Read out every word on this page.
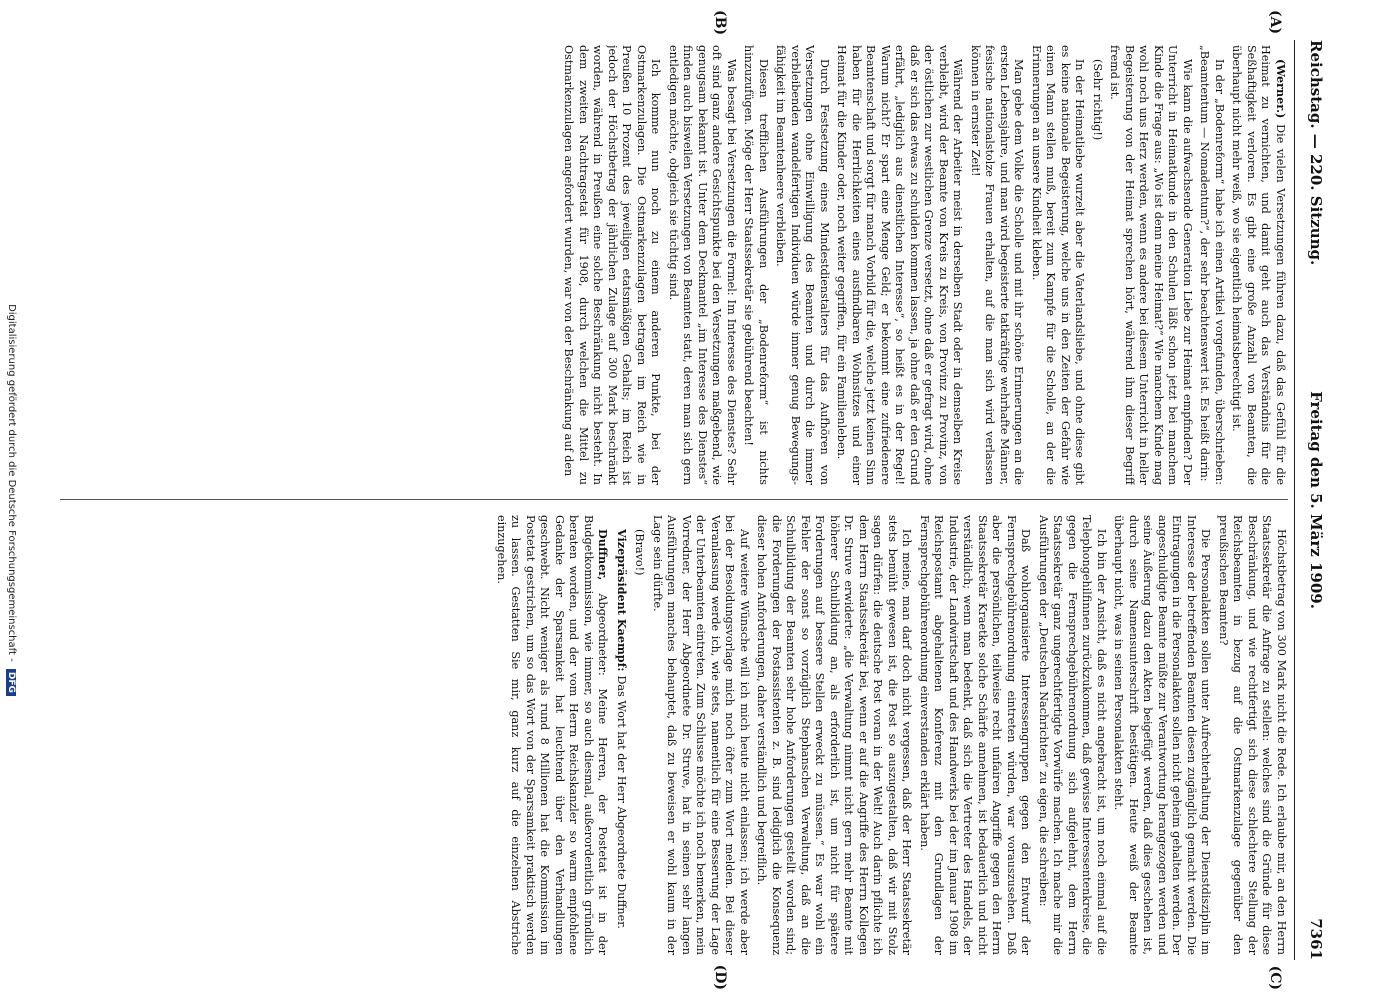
(A)
(B)
(C)
(D)
Reichstag. — 220. Sitzung.
Freitag den 5. März 1909.
7361

(Werner.) Die vielen Versetzungen führen dazu, daß das Gefühl für die Heimat zu vernichten, und damit geht auch das Verständnis für die Seßhaftigkeit verloren. Es gibt eine große Anzahl von Beamten, die überhaupt nicht mehr weiß, wo sie eigentlich heimatsberechtigt ist.

In der „Bodenreform“ habe ich einen Artikel vorgefunden, überschrieben: „Beamtentum — Nomadentum?“, der sehr beachtenswert ist. Es heißt darin:

Wie kann die aufwachsende Generation Liebe zur Heimat empfinden? Der Unterricht in Heimatkunde in den Schulen läßt schon jetzt bei manchem Kinde die Frage aus: „Wo ist denn meine Heimat?“ Wie manchem Kinde mag wohl noch uns Herz werden, wenn es andere bei diesem Unterricht in heller Begeisterung von der Heimat sprechen hört, während ihm dieser Begriff fremd ist.

(Sehr richtig!)

In der Heimatliebe wurzelt aber die Vaterlandsliebe, und ohne diese gibt es keine nationale Begeisterung, welche uns in den Zeiten der Gefahr wie einen Mann stellen muß, bereit zum Kampfe für die Scholle, an der die Erinnerungen an unsere Kindheit kleben.

Man gebe dem Volke die Scholle und mit ihr schöne Erinnerungen an die ersten Lebensjahre, und man wird begeisterte tatkräftige wehrhafte Männer, fesische nationalstolze Frauen erhalten, auf die man sich wird verlassen können in ernster Zeit!

Während der Arbeiter meist in derselben Stadt oder in demselben Kreise verbleibt, wird der Beamte von Kreis zu Kreis, von Provinz zu Provinz, von der östlichen zur westlichen Grenze versetzt, ohne daß er gefragt wird, ohne daß er sich das etwas zu schulden kommen lassen, ja ohne daß er den Grund erfährt, „lediglich aus dienstlichen Interesse“, so heißt es in der Regel! Warum nicht? Er spart eine Menge Geld; er bekommt eine zufriedenere Beamtenschaft und sorgt für manch Vorbild für die, welche jetzt keinen Sinn haben für die Herrlichkeiten eines ausfindbaren Wohnsitzes und einer Heimat für die Kinder oder, noch weiter gegriffen, für ein Familienleben.

Durch Festsetzung eines Mindestdienstalters für das Aufhören von Versetzungen ohne Einwilligung des Beamten und durch die immer verbleibenden wandelfertigen Individuen würde immer genug Bewegungs-fähigkeit im Beamtenheere verbleiben.

Diesen trefflichen Ausführungen der „Bodenreform“ ist nichts hinzuzufügen. Möge der Herr Staatssekretär sie gebührend beachten!

Was besagt bei Versetzungen die Formel: Im Interesse des Dienstes? Sehr oft sind ganz andere Gesichtspunkte bei den Versetzungen maßgebend, wie genugsam bekannt ist. Unter dem Deckmantel „im Interesse des Dienstes“ finden auch bisweilen Versetzungen von Beamten statt, deren man sich gern entledigen möchte, obgleich sie tüchtig sind.

Ich komme nun noch zu einem anderen Punkte, bei der Ostmarkenzulagen. Die Ostmarkenzulagen betragen im Reich wie in Preußen 10 Prozent des jeweiligen etatsmäßigen Gehalts; im Reich ist jedoch der Höchstbetrag der jährlichen Zulage auf 300 Mark beschränkt worden, während in Preußen eine solche Beschränkung nicht besteht. In dem zweiten Nachtragsetat für 1908, durch welchen die Mittel zu Ostmarkenzulagen angefordert wurden, war von der Beschränkung auf den

Höchstbetrag von 300 Mark nicht die Rede. Ich erlaube mir, an den Herrn Staatssekretär die Anfrage zu stellen: welches sind die Gründe für diese Beschränkung, und wie rechtfertigt sich diese schlechtere Stellung der Reichsbeamten in bezug auf die Ostmarkenzulage gegenüber den preußischen Beamten?

Die Personalakten sollen unter Aufrechterhaltung der Dienstdisziplin im Interesse der betreffenden Beamten diesen zugänglich gemacht werden. Die Eintragungen in die Personalakten sollen nicht geheim gehalten werden. Der angeschuldigte Beamte müßte zur Verantwortung herangezogen werden und seine Äußerung dazu den Akten beigefügt werden, daß dies geschehen ist, durch seine Namensunterschrift bestätigen. Heute weiß der Beamte überhaupt nicht, was in seinen Personalakten steht.

Ich bin der Ansicht, daß es nicht angebracht ist, um noch einmal auf die Telephongehilfinnen zurückzukommen, daß gewisse Interessentenkreise, die gegen die Fernsprechgebührenordnung sich aufgelehnt, dem Herrn Staatssekretär ganz ungerechtfertigte Vorwürfe machen. Ich mache mir die Ausführungen der „Deutschen Nachrichten“ zu eigen, die schreiben:

Daß wohlorganisierte Interessengruppen gegen den Entwurf der Fernsprechgebührenordnung eintreten würden, war vorauszusehen. Daß aber die persönlichen, teilweise recht unfairen Angriffe gegen den Herrn Staatssekretär Kraetke solche Schärfe annehmen, ist bedauerlich und nicht verständlich; wenn man bedenkt, daß sich die Vertreter des Handels, der Industrie, der Landwirtschaft und des Handwerks bei der im Januar 1908 im Reichspostamt abgehaltenen Konferenz mit den Grundlagen der Fernsprechgebührenordnung einverstanden erklärt haben.

Ich meine, man darf doch nicht vergessen, daß der Herr Staatssekretär stets bemüht gewesen ist, die Post so auszugestalten, daß wir mit Stolz sagen dürfen: die deutsche Post voran in der Welt! Auch darin pflichte ich dem Herrn Staatssekretär bei, wenn er auf die Angriffe des Herrn Kollegen Dr. Struve erwiderte: „die Verwaltung nimmt nicht gern mehr Beamte mit höherer Schulbildung an, als erforderlich ist, um nicht für spätere Forderungen auf bessere Stellen erweckt zu müssen.“ Es war wohl ein Fehler der sonst so vorzüglich Stephanschen Verwaltung, daß an die Schulbildung der Beamten sehr hohe Anforderungen gestellt worden sind; die Forderungen der Postassistenten z. B. sind lediglich die Konsequenz dieser hohen Anforderungen, daher verständlich und begreiflich.

Auf weitere Wünsche will ich mich heute nicht einlassen; ich werde aber bei der Besoldungsvorlage mich noch öfter zum Wort melden. Bei dieser Veranlassung werde ich, wie stets, namentlich für eine Besserung der Lage der Unterbeamten eintreten. Zum Schlusse möchte ich noch bemerken, mein Vorredner, der Herr Abgeordnete Dr. Struve, hat in seinen sehr langen Ausführungen manches behauptet, daß zu beweisen er wohl kaum in der Lage sein dürfte.

(Bravo!)

Vizepräsident Kaempf: Das Wort hat der Herr Abgeordnete Duffner.

Duffner, Abgeordneter: Meine Herren, der Postetat ist in der Budgetkommission, wie immer, so auch diesmal, außerordentlich gründlich beraten worden, und der vom Herrn Reichskanzler so warm empfohlene Gedanke der Sparsamkeit hat leuchtend über den Verhandlungen geschwebt. Nicht weniger als rund 8 Millionen hat die Kommission im Postetat gestrichen, um so das Wort von der Sparsamkeit praktisch werden zu lassen. Gestatten Sie mir, ganz kurz auf die einzelnen Abstriche einzugehen.

Digitalisierung gefördert durch die Deutsche Forschungsgemeinschaft - DFG
